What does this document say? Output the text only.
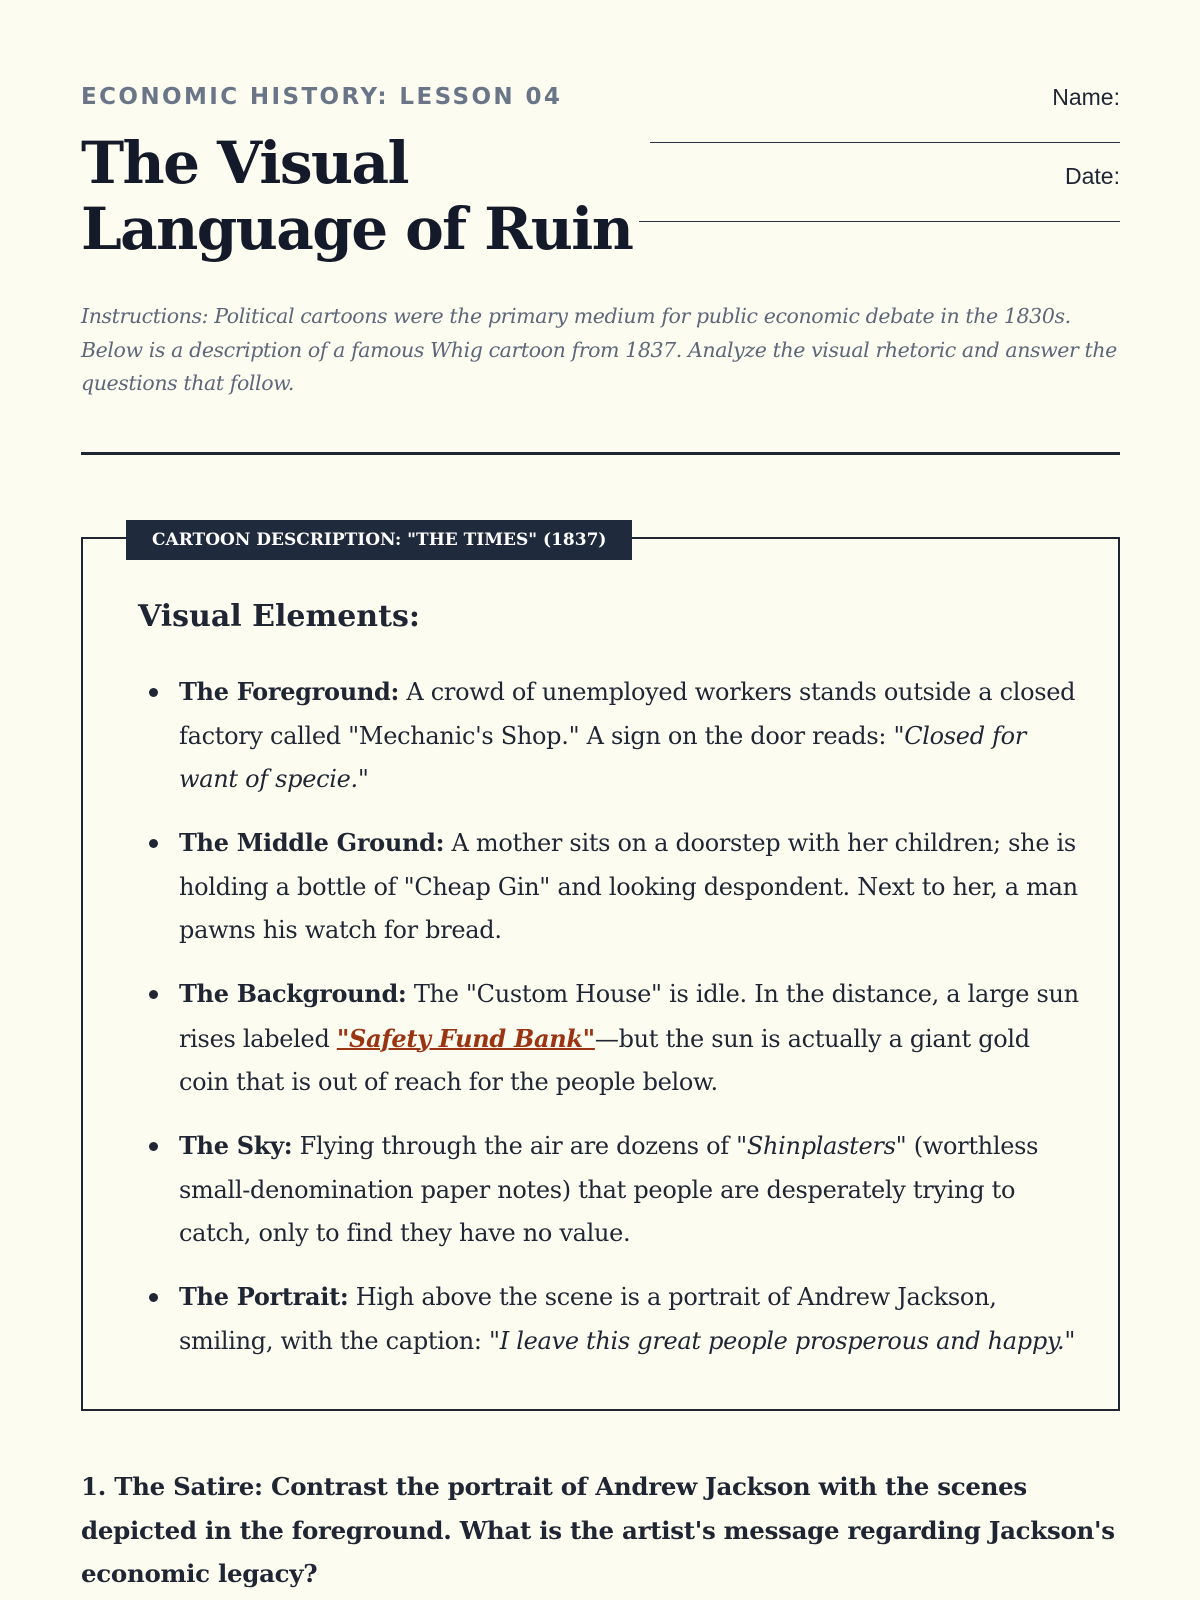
ECONOMIC HISTORY: LESSON 04
The Visual
Language of Ruin
Name:
Date:

Instructions: Political cartoons were the primary medium for public economic debate in the 1830s. Below is a description of a famous Whig cartoon from 1837. Analyze the visual rhetoric and answer the questions that follow.

CARTOON DESCRIPTION: "THE TIMES" (1837)
Visual Elements:
The Foreground: A crowd of unemployed workers stands outside a closed factory called "Mechanic's Shop." A sign on the door reads: "Closed for want of specie."
The Middle Ground: A mother sits on a doorstep with her children; she is holding a bottle of "Cheap Gin" and looking despondent. Next to her, a man pawns his watch for bread.
The Background: The "Custom House" is idle. In the distance, a large sun rises labeled "Safety Fund Bank"—but the sun is actually a giant gold coin that is out of reach for the people below.
The Sky: Flying through the air are dozens of "Shinplasters" (worthless small-denomination paper notes) that people are desperately trying to catch, only to find they have no value.
The Portrait: High above the scene is a portrait of Andrew Jackson, smiling, with the caption: "I leave this great people prosperous and happy."

1. The Satire: Contrast the portrait of Andrew Jackson with the scenes depicted in the foreground. What is the artist's message regarding Jackson's economic legacy?
